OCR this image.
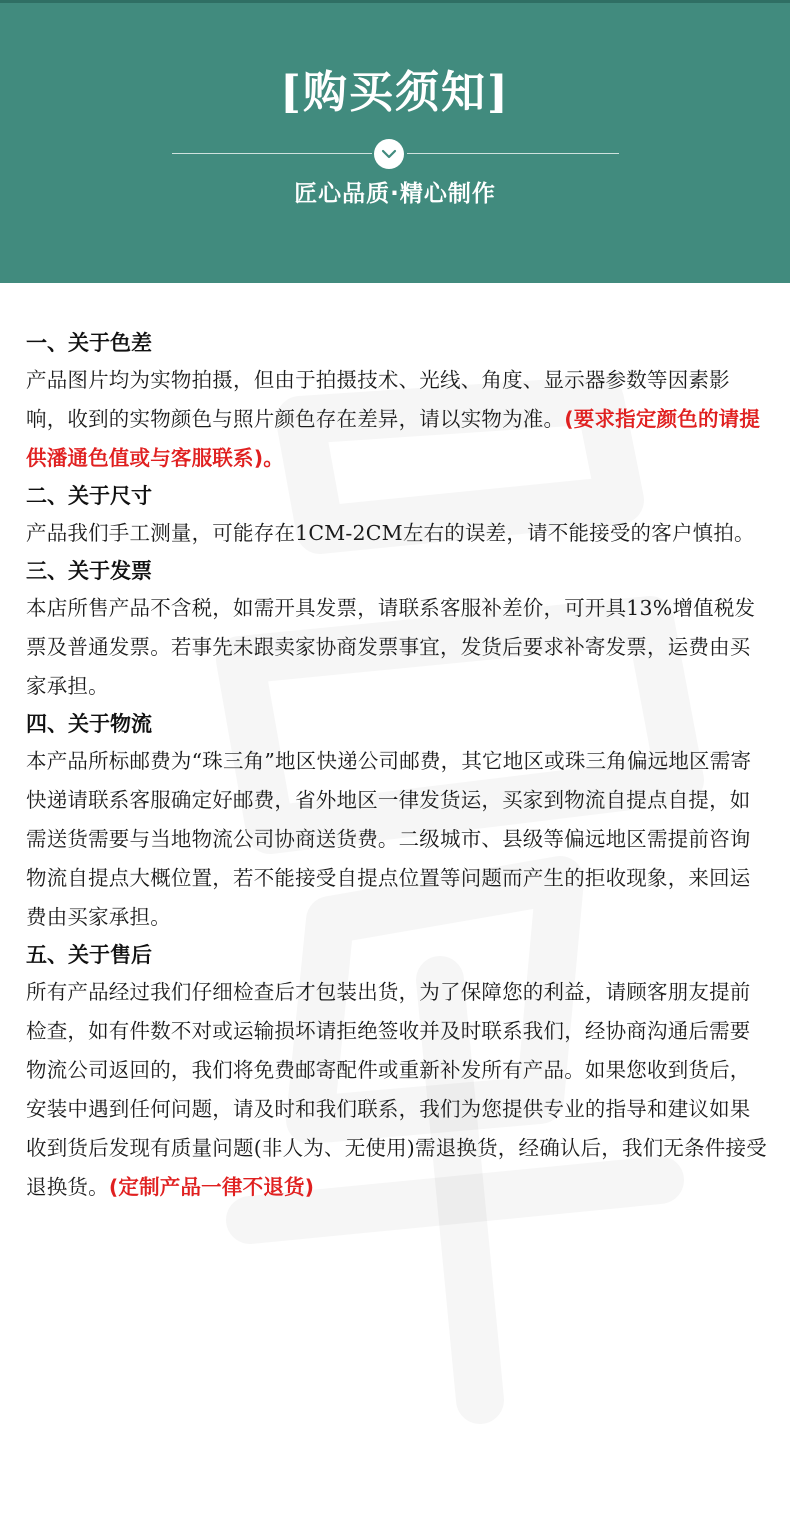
[购买须知]
匠心品质·精心制作
一、关于色差

产品图片均为实物拍摄，但由于拍摄技术、光线、角度、显示器参数等因素影响，收到的实物颜色与照片颜色存在差异，请以实物为准。(要求指定颜色的请提供潘通色值或与客服联系)。

二、关于尺寸

产品我们手工测量，可能存在1CM-2CM左右的误差，请不能接受的客户慎拍。

三、关于发票

本店所售产品不含税，如需开具发票，请联系客服补差价，可开具13%增值税发票及普通发票。若事先未跟卖家协商发票事宜，发货后要求补寄发票，运费由买家承担。

四、关于物流

本产品所标邮费为“珠三角”地区快递公司邮费，其它地区或珠三角偏远地区需寄快递请联系客服确定好邮费，省外地区一律发货运，买家到物流自提点自提，如需送货需要与当地物流公司协商送货费。二级城市、县级等偏远地区需提前咨询物流自提点大概位置，若不能接受自提点位置等问题而产生的拒收现象，来回运费由买家承担。

五、关于售后

所有产品经过我们仔细检查后才包装出货，为了保障您的利益，请顾客朋友提前检查，如有件数不对或运输损坏请拒绝签收并及时联系我们，经协商沟通后需要物流公司返回的，我们将免费邮寄配件或重新补发所有产品。如果您收到货后，安装中遇到任何问题，请及时和我们联系，我们为您提供专业的指导和建议如果收到货后发现有质量问题(非人为、无使用)需退换货，经确认后，我们无条件接受退换货。(定制产品一律不退货)
